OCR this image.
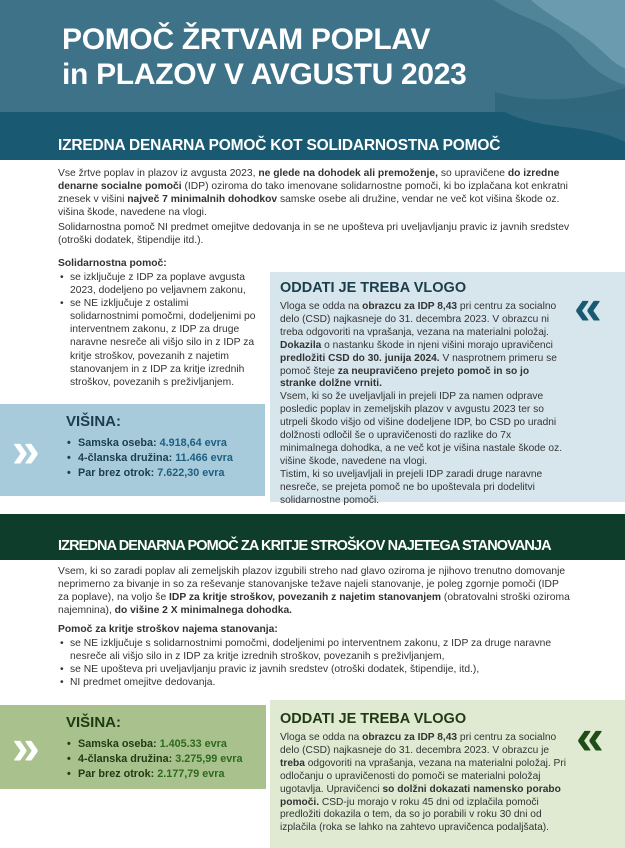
POMOČ ŽRTVAM POPLAV
in PLAZOV V AVGUSTU 2023
IZREDNA DENARNA POMOČ KOT SOLIDARNOSTNA POMOČ

Vse žrtve poplav in plazov iz avgusta 2023, ne glede na dohodek ali premoženje, so upravičene do izredne denarne socialne pomoči (IDP) oziroma do tako imenovane solidarnostne pomoči, ki bo izplačana kot enkratni znesek v višini največ 7 minimalnih dohodkov samske osebe ali družine, vendar ne več kot višina škode oz. višina škode, navedene na vlogi.

Solidarnostna pomoč NI predmet omejitve dedovanja in se ne upošteva pri uveljavljanju pravic iz javnih sredstev (otroški dodatek, štipendije itd.).

Solidarnostna pomoč:
• se izključuje z IDP za poplave avgusta 2023, dodeljeno po veljavnem zakonu,
• se NE izključuje z ostalimi solidarnostnimi pomočmi, dodeljenimi po interventnem zakonu, z IDP za druge naravne nesreče ali višjo silo in z IDP za kritje stroškov, povezanih z najetim stanovanjem in z IDP za kritje izrednih stroškov, povezanih s preživljanjem.
ODDATI JE TREBA VLOGO «

Vloga se odda na obrazcu za IDP 8,43 pri centru za socialno delo (CSD) najkasneje do 31. decembra 2023. V obrazcu ni treba odgovoriti na vprašanja, vezana na materialni položaj. Dokazila o nastanku škode in njeni višini morajo upravičenci predložiti CSD do 30. junija 2024. V nasprotnem primeru se pomoč šteje za neupravičeno prejeto pomoč in so jo stranke dolžne vrniti.

Vsem, ki so že uveljavljali in prejeli IDP za namen odprave posledic poplav in zemeljskih plazov v avgustu 2023 ter so utrpeli škodo višjo od višine dodeljene IDP, bo CSD po uradni dolžnosti odločil še o upravičenosti do razlike do 7x minimalnega dohodka, a ne več kot je višina nastale škode oz. višine škode, navedene na vlogi.

Tistim, ki so uveljavljali in prejeli IDP zaradi druge naravne nesreče, se prejeta pomoč ne bo upoštevala pri dodelitvi solidarnostne pomoči.

»
VIŠINA:
• Samska oseba: 4.918,64 evra
• 4-članska družina: 11.466 evra
• Par brez otrok: 7.622,30 evra
IZREDNA DENARNA POMOČ ZA KRITJE STROŠKOV NAJETEGA STANOVANJA

Vsem, ki so zaradi poplav ali zemeljskih plazov izgubili streho nad glavo oziroma je njihovo trenutno domovanje neprimerno za bivanje in so za reševanje stanovanjske težave najeli stanovanje, je poleg zgornje pomoči (IDP za poplave), na voljo še IDP za kritje stroškov, povezanih z najetim stanovanjem (obratovalni stroški oziroma najemnina), do višine 2 X minimalnega dohodka.

Pomoč za kritje stroškov najema stanovanja:
• se NE izključuje s solidarnostnimi pomočmi, dodeljenimi po interventnem zakonu, z IDP za druge naravne nesreče ali višjo silo in z IDP za kritje izrednih stroškov, povezanih s preživljanjem,
• se NE upošteva pri uveljavljanju pravic iz javnih sredstev (otroški dodatek, štipendije, itd.),
• NI predmet omejitve dedovanja.
» VIŠINA:
• Samska oseba: 1.405.33 evra
• 4-članska družina: 3.275,99 evra
• Par brez otrok: 2.177,79 evra
ODDATI JE TREBA VLOGO «

Vloga se odda na obrazcu za IDP 8,43 pri centru za socialno delo (CSD) najkasneje do 31. decembra 2023. V obrazcu je treba odgovoriti na vprašanja, vezana na materialni položaj. Pri odločanju o upravičenosti do pomoči se materialni položaj ugotavlja. Upravičenci so dolžni dokazati namensko porabo pomoči. CSD-ju morajo v roku 45 dni od izplačila pomoči predložiti dokazila o tem, da so jo porabili v roku 30 dni od izplačila (roka se lahko na zahtevo upravičenca podaljšata).
